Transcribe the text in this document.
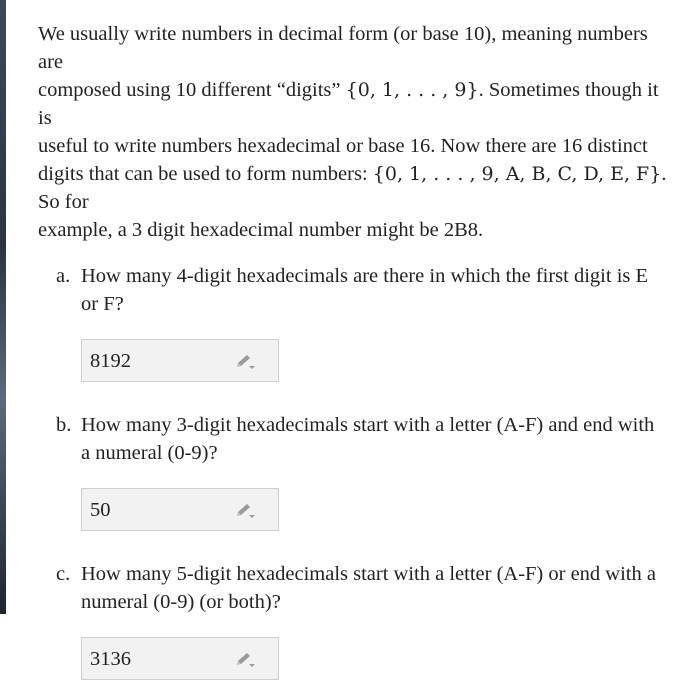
We usually write numbers in decimal form (or base 10), meaning numbers are
composed using 10 different “digits” {0, 1, . . . , 9}. Sometimes though it is
useful to write numbers hexadecimal or base 16. Now there are 16 distinct
digits that can be used to form numbers: {0, 1, . . . , 9, A, B, C, D, E, F}. So for
example, a 3 digit hexadecimal number might be 2B8.

a. How many 4-digit hexadecimals are there in which the first digit is E or F?
8192
b. How many 3-digit hexadecimals start with a letter (A-F) and end with a numeral (0-9)?
50
c. How many 5-digit hexadecimals start with a letter (A-F) or end with a numeral (0-9) (or both)?
3136
